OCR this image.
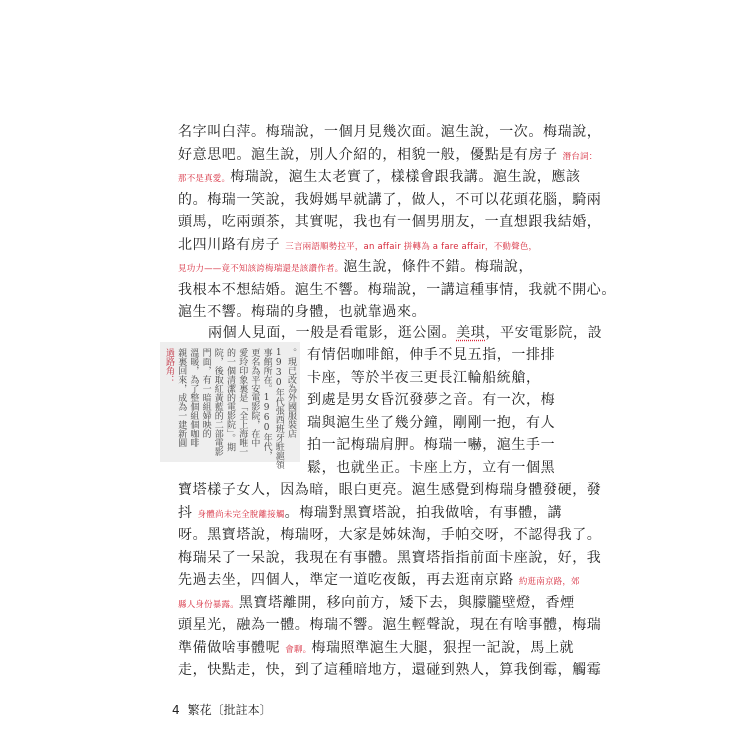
名字叫白萍。梅瑞說，一個月見幾次面。滬生說，一次。梅瑞說，
好意思吧。滬生說，別人介紹的，相貌一般，優點是有房子 潛台詞：
那不是真愛。梅瑞說，滬生太老實了，樣樣會跟我講。滬生說，應該
的。梅瑞一笑說，我姆媽早就講了，做人，不可以花頭花腦，騎兩
頭馬，吃兩頭茶，其實呢，我也有一個男朋友，一直想跟我結婚，
北四川路有房子 三言兩語順勢拉平，an affair 拼轉為 a fare affair，不動聲色，
見功力——竟不知該誇梅瑞還是該讚作者。滬生說，條件不錯。梅瑞說，
我根本不想結婚。滬生不響。梅瑞說，一講這種事情，我就不開心。
滬生不響。梅瑞的身體，也就靠過來。
兩個人見面，一般是看電影，逛公園。美琪，平安電影院，設
。現已改為外國服裝店
1930年代張西班牙駐滬領
事館所在。1960年代，
更名為平安電影院，在中
愛玲印象裏是「全上海唯一
的一個清潔的電影院」。期
院，後取紅黃藍的二部電影
門面，有一暗組婦映的
溫暖，為了整個組個咖啡
親裏回來，成為一建新圓
過路角：	有情侶咖啡館，伸手不見五指，一排排
卡座，等於半夜三更長江輪船統艙，
到處是男女昏沉發夢之音。有一次，梅
瑞與滬生坐了幾分鐘，剛剛一抱，有人
拍一記梅瑞肩胛。梅瑞一嚇，滬生手一
鬆，也就坐正。卡座上方，立有一個黑
寶塔樣子女人，因為暗，眼白更亮。滬生感覺到梅瑞身體發硬，發
抖 身體尚未完全脫離接觸。梅瑞對黑寶塔說，拍我做啥，有事體，講
呀。黑寶塔說，梅瑞呀，大家是姊妹淘，手帕交呀，不認得我了。
梅瑞呆了一呆說，我現在有事體。黑寶塔指指前面卡座說，好，我
先過去坐，四個人，準定一道吃夜飯，再去逛南京路 約逛南京路，郊
縣人身份暴露。黑寶塔離開，移向前方，矮下去，與朦朧壁燈，香煙
頭星光，融為一體。梅瑞不響。滬生輕聲說，現在有啥事體，梅瑞
準備做啥事體呢 會聊。梅瑞照準滬生大腿，狠捏一記說，馬上就
走，快點走，快，到了這種暗地方，還碰到熟人，算我倒霉，觸霉
4 繁花〔批註本〕
